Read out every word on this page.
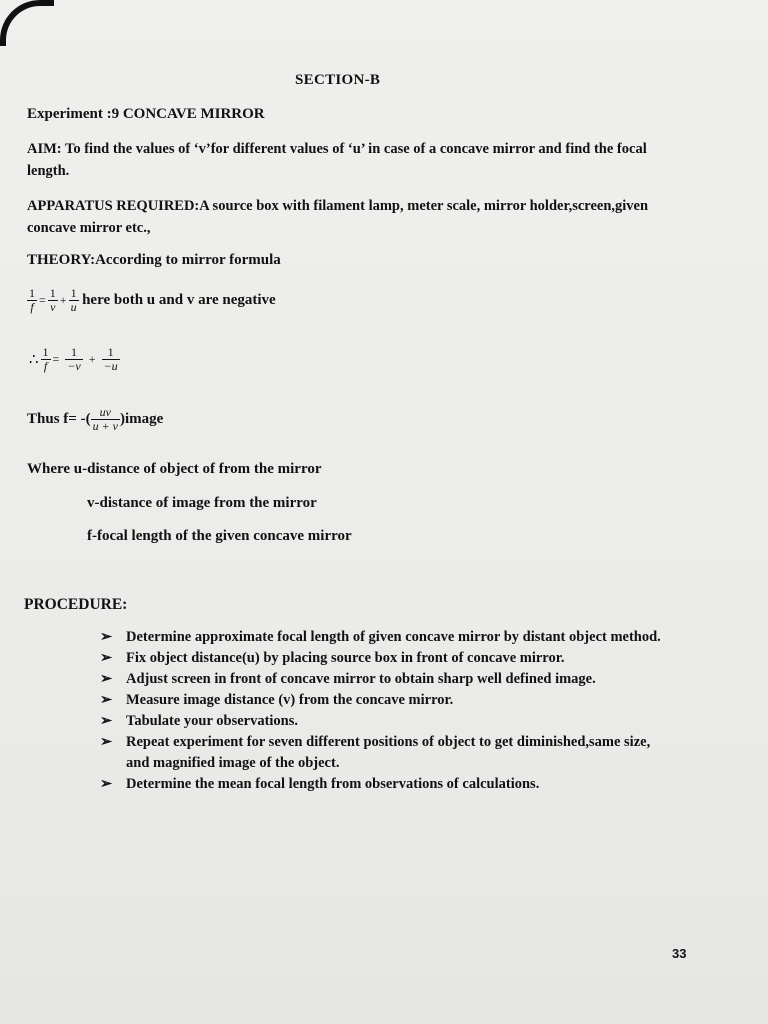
SECTION-B
Experiment :9 CONCAVE MIRROR
AIM: To find the values of ‘v’for different values of ‘u’ in case of a concave mirror and find the focal length.
APPARATUS REQUIRED:A source box with filament lamp, meter scale, mirror holder,screen,given concave mirror etc.,
THEORY:According to mirror formula
$\frac{1}{f} = \frac{1}{v} + \frac{1}{u}$ here both u and v are negative
∴ $\frac{1}{f} = \frac{1}{-v} + \frac{1}{-u}$
Thus f= -( $\frac{uv}{u + v}$ )image
Where u-distance of object of from the mirror
v-distance of image from the mirror
f-focal length of the given concave mirror
PROCEDURE:
➢ Determine approximate focal length of given concave mirror by distant object method.
➢ Fix object distance(u) by placing source box in front of concave mirror.
➢ Adjust screen in front of concave mirror to obtain sharp well defined image.
➢ Measure image distance (v) from the concave mirror.
➢ Tabulate your observations.
➢ Repeat experiment for seven different positions of object to get diminished,same size, and magnified image of the object.
➢ Determine the mean focal length from observations of calculations.
33
